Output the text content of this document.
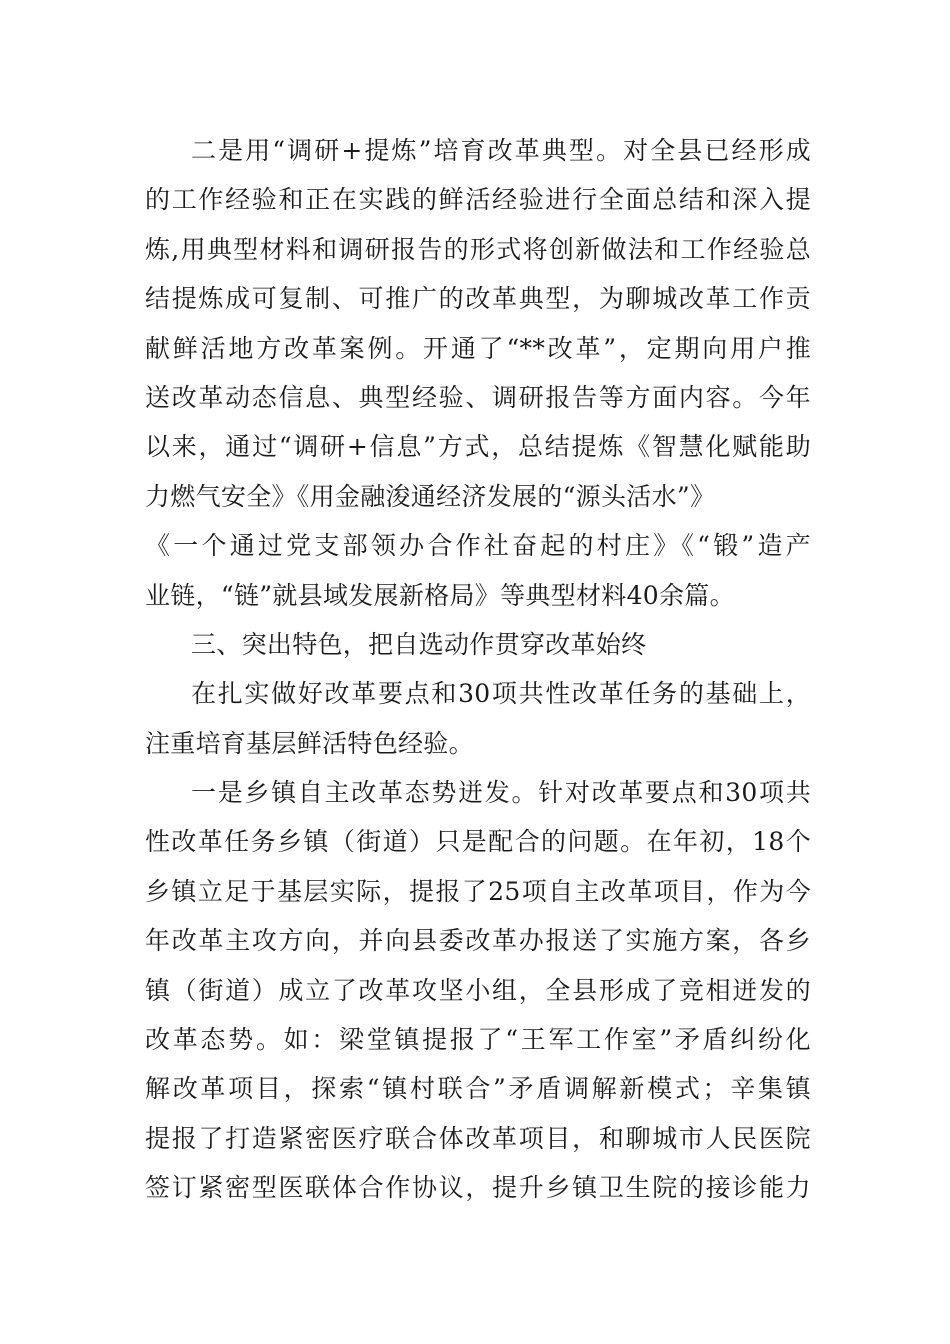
二是用“调研+提炼”培育改革典型。对全县已经形成
的工作经验和正在实践的鲜活经验进行全面总结和深入提
炼,用典型材料和调研报告的形式将创新做法和工作经验总
结提炼成可复制、可推广的改革典型，为聊城改革工作贡
献鲜活地方改革案例。开通了“**改革”，定期向用户推
送改革动态信息、典型经验、调研报告等方面内容。今年
以来，通过“调研+信息”方式，总结提炼《智慧化赋能助
力燃气安全》《用金融浚通经济发展的“源头活水”》
《一个通过党支部领办合作社奋起的村庄》《“锻”造产
业链，“链”就县域发展新格局》等典型材料40余篇。
三、突出特色，把自选动作贯穿改革始终
在扎实做好改革要点和30项共性改革任务的基础上，
注重培育基层鲜活特色经验。
一是乡镇自主改革态势迸发。针对改革要点和30项共
性改革任务乡镇（街道）只是配合的问题。在年初，18个
乡镇立足于基层实际，提报了25项自主改革项目，作为今
年改革主攻方向，并向县委改革办报送了实施方案，各乡
镇（街道）成立了改革攻坚小组，全县形成了竞相迸发的
改革态势。如：梁堂镇提报了“王军工作室”矛盾纠纷化
解改革项目，探索“镇村联合”矛盾调解新模式；辛集镇
提报了打造紧密医疗联合体改革项目，和聊城市人民医院
签订紧密型医联体合作协议，提升乡镇卫生院的接诊能力
